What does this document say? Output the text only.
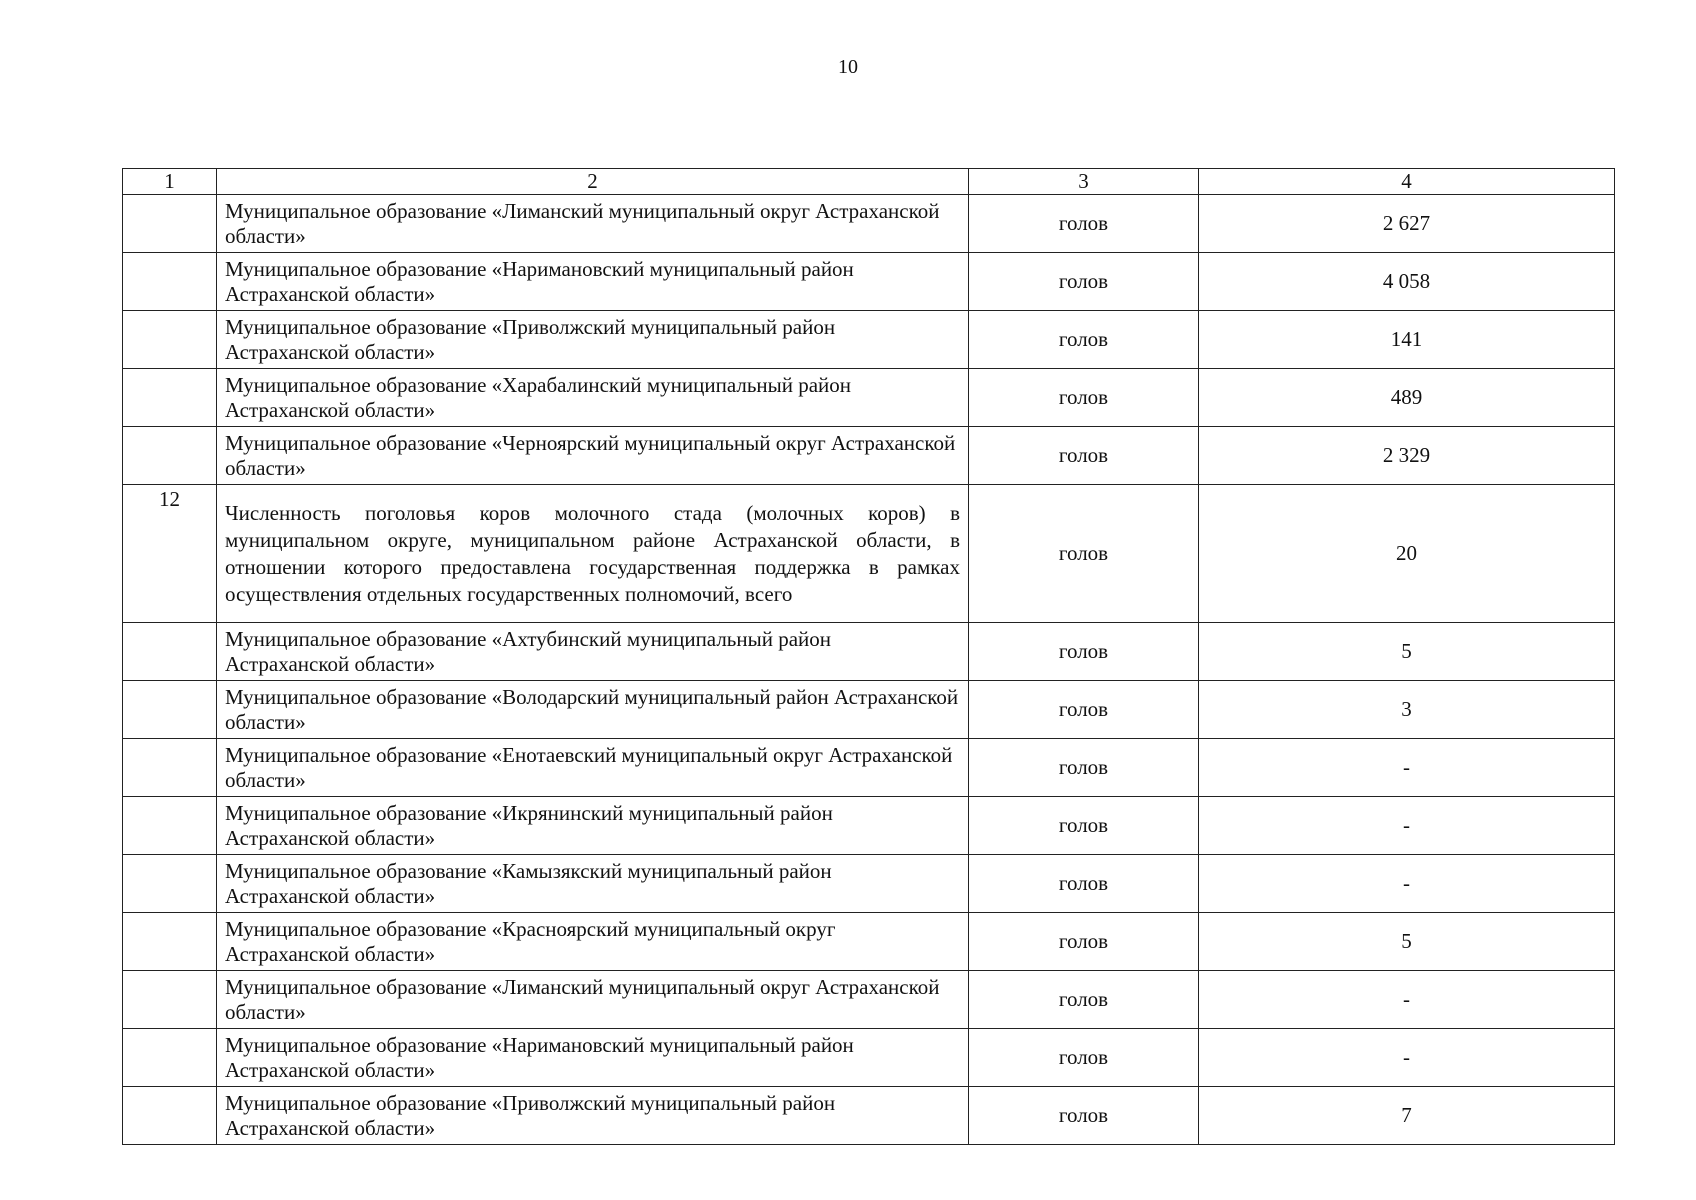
10
1	2	3	4
	Муниципальное образование «Лиманский муниципальный округ Астраханской области»	голов	2 627
	Муниципальное образование «Наримановский муниципальный район Астраханской области»	голов	4 058
	Муниципальное образование «Приволжский муниципальный район Астраханской области»	голов	141
	Муниципальное образование «Харабалинский муниципальный район Астраханской области»	голов	489
	Муниципальное образование «Черноярский муниципальный округ Астраханской области»	голов	2 329
12	Численность поголовья коров молочного стада (молочных коров) в муниципальном округе, муниципальном районе Астраханской области, в отношении которого предоставлена государственная поддержка в рамках осуществления отдельных государственных полномочий, всего	голов	20
	Муниципальное образование «Ахтубинский муниципальный район Астраханской области»	голов	5
	Муниципальное образование «Володарский муниципальный район Астраханской области»	голов	3
	Муниципальное образование «Енотаевский муниципальный округ Астраханской области»	голов	-
	Муниципальное образование «Икрянинский муниципальный район Астраханской области»	голов	-
	Муниципальное образование «Камызякский муниципальный район Астраханской области»	голов	-
	Муниципальное образование «Красноярский муниципальный округ Астраханской области»	голов	5
	Муниципальное образование «Лиманский муниципальный округ Астраханской области»	голов	-
	Муниципальное образование «Наримановский муниципальный район Астраханской области»	голов	-
	Муниципальное образование «Приволжский муниципальный район Астраханской области»	голов	7
